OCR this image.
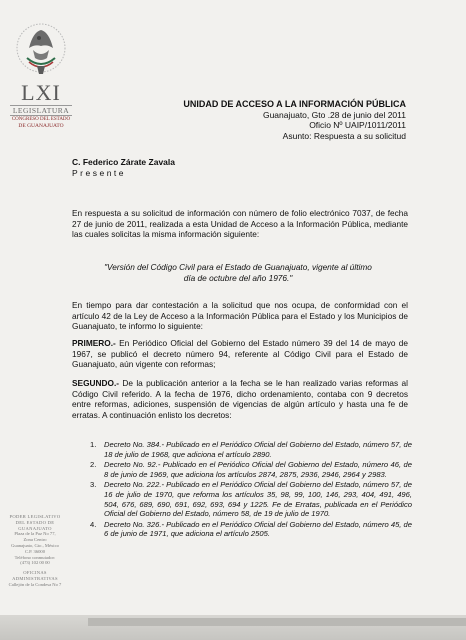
LXI
LEGISLATURA
CONGRESO DEL ESTADO
DE GUANAJUATO
UNIDAD DE ACCESO A LA INFORMACIÓN PÚBLICA
Guanajuato, Gto .28 de junio del 2011
Oficio Nº UAIP/1011/2011
Asunto: Respuesta a su solicitud
C. Federico Zárate Zavala
Presente
En respuesta a su solicitud de información con número de folio electrónico 7037, de fecha 27 de junio de 2011, realizada a esta Unidad de Acceso a la Información Pública, mediante las cuales solicitas la misma información siguiente:
"Versión del Código Civil para el Estado de Guanajuato, vigente al último día de octubre del año 1976."
En tiempo para dar contestación a la solicitud que nos ocupa, de conformidad con el artículo 42 de la Ley de Acceso a la Información Pública para el Estado y los Municipios de Guanajuato, te informo lo siguiente:
PRIMERO.- En Periódico Oficial del Gobierno del Estado número 39 del 14 de mayo de 1967, se publicó el decreto número 94, referente al Código Civil para el Estado de Guanajuato, aún vigente con reformas;
SEGUNDO.- De la publicación anterior a la fecha se le han realizado varias reformas al Código Civil referido. A la fecha de 1976, dicho ordenamiento, contaba con 9 decretos entre reformas, adiciones, suspensión de vigencias de algún artículo y hasta una fe de erratas. A continuación enlisto los decretos:
1. Decreto No. 384.- Publicado en el Periódico Oficial del Gobierno del Estado, número 57, de 18 de julio de 1968, que adiciona el artículo 2890.
2. Decreto No. 92.- Publicado en el Periódico Oficial del Gobierno del Estado, número 46, de 8 de junio de 1969, que adiciona los artículos 2874, 2875, 2936, 2946, 2964 y 2983.
3. Decreto No. 222.- Publicado en el Periódico Oficial del Gobierno del Estado, número 57, de 16 de julio de 1970, que reforma los artículos 35, 98, 99, 100, 146, 293, 404, 491, 496, 504, 676, 689, 690, 691, 692, 693, 694 y 1225. Fe de Erratas, publicada en el Periódico Oficial del Gobierno del Estado, número 58, de 19 de julio de 1970.
4. Decreto No. 326.- Publicado en el Periódico Oficial del Gobierno del Estado, número 45, de 6 de junio de 1971, que adiciona el artículo 2505.
PODER LEGISLATIVO
DEL ESTADO DE
GUANAJUATO
Plaza de la Paz No 77,
Zona Centro
Guanajuato, Gto., México
C.P. 36000
Teléfono conmutador:
(473) 102 00 00
OFICINAS
ADMINISTRATIVAS
Callejón de la Condesa No 7
